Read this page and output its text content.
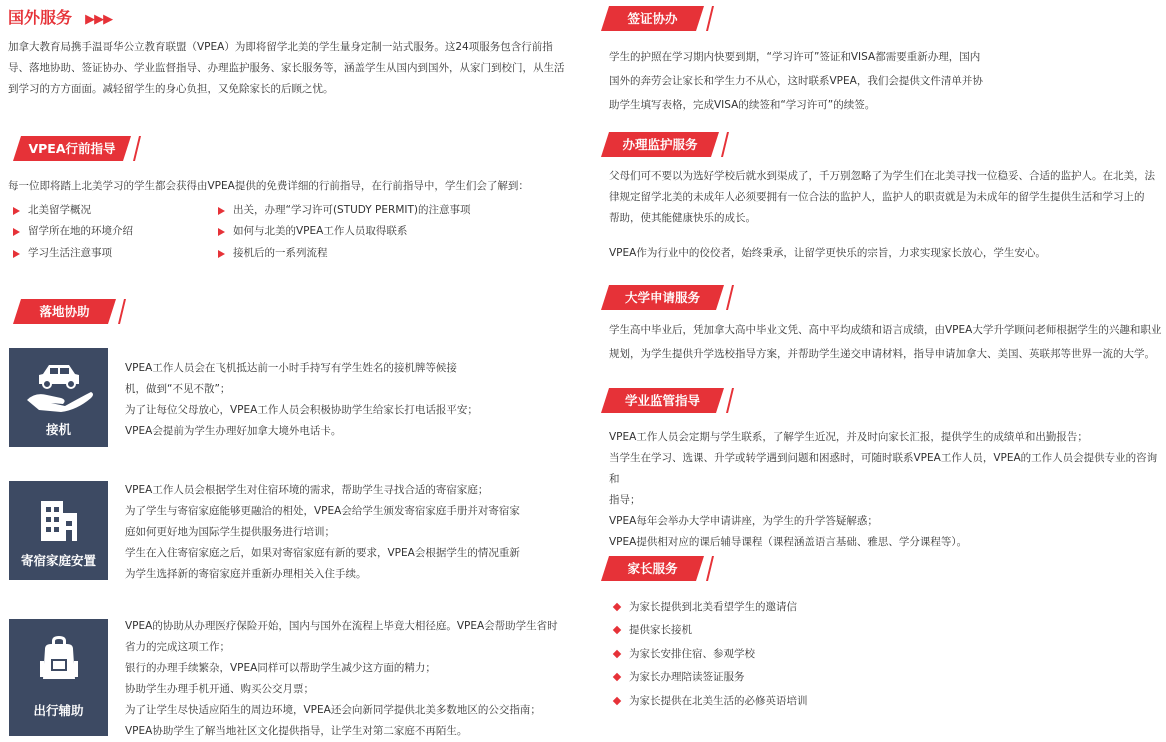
国外服务 ▶▶▶

加拿大教育局携手温哥华公立教育联盟（VPEA）为即将留学北美的学生量身定制一站式服务。这24项服务包含行前指

导、落地协助、签证协办、学业监督指导、办理监护服务、家长服务等，涵盖学生从国内到国外，从家门到校门，从生活

到学习的方方面面。减轻留学生的身心负担，又免除家长的后顾之忧。

VPEA行前指导

每一位即将踏上北美学习的学生都会获得由VPEA提供的免费详细的行前指导，在行前指导中，学生们会了解到：

北美留学概况
留学所在地的环境介绍
学习生活注意事项
出关，办理“学习许可(STUDY PERMIT)的注意事项
如何与北美的VPEA工作人员取得联系
接机后的一系列流程
落地协助
接机

VPEA工作人员会在飞机抵达前一小时手持写有学生姓名的接机牌等候接

机，做到“不见不散”；

为了让每位父母放心，VPEA工作人员会积极协助学生给家长打电话报平安；

VPEA会提前为学生办理好加拿大境外电话卡。

寄宿家庭安置

VPEA工作人员会根据学生对住宿环境的需求，帮助学生寻找合适的寄宿家庭；

为了学生与寄宿家庭能够更融洽的相处，VPEA会给学生颁发寄宿家庭手册并对寄宿家

庭如何更好地为国际学生提供服务进行培训；

学生在入住寄宿家庭之后，如果对寄宿家庭有新的要求，VPEA会根据学生的情况重新

为学生选择新的寄宿家庭并重新办理相关入住手续。

出行辅助

VPEA的协助从办理医疗保险开始，国内与国外在流程上毕竟大相径庭。VPEA会帮助学生省时

省力的完成这项工作；

银行的办理手续繁杂，VPEA同样可以帮助学生减少这方面的精力；

协助学生办理手机开通、购买公交月票；

为了让学生尽快适应陌生的周边环境，VPEA还会向新同学提供北美多数地区的公交指南；

VPEA协助学生了解当地社区文化提供指导，让学生对第二家庭不再陌生。

签证协办

学生的护照在学习期内快要到期，“学习许可”签证和VISA都需要重新办理，国内

国外的奔劳会让家长和学生力不从心，这时联系VPEA，我们会提供文件清单并协

助学生填写表格，完成VISA的续签和“学习许可”的续签。

办理监护服务

父母们可不要以为选好学校后就水到渠成了，千万别忽略了为学生们在北美寻找一位稳妥、合适的监护人。在北美，法

律规定留学北美的未成年人必须要拥有一位合法的监护人，监护人的职责就是为未成年的留学生提供生活和学习上的

帮助，使其能健康快乐的成长。

VPEA作为行业中的佼佼者，始终秉承，让留学更快乐的宗旨，力求实现家长放心，学生安心。

大学申请服务

学生高中毕业后，凭加拿大高中毕业文凭、高中平均成绩和语言成绩，由VPEA大学升学顾问老师根据学生的兴趣和职业

规划，为学生提供升学选校指导方案，并帮助学生递交申请材料，指导申请加拿大、美国、英联邦等世界一流的大学。

学业监管指导

VPEA工作人员会定期与学生联系，了解学生近况，并及时向家长汇报，提供学生的成绩单和出勤报告；

当学生在学习、选课、升学或转学遇到问题和困惑时，可随时联系VPEA工作人员，VPEA的工作人员会提供专业的咨询和

指导；

VPEA每年会举办大学申请讲座，为学生的升学答疑解惑；

VPEA提供相对应的课后辅导课程（课程涵盖语言基础、雅思、学分课程等）。

家长服务
为家长提供到北美看望学生的邀请信
提供家长接机
为家长安排住宿、参观学校
为家长办理陪读签证服务
为家长提供在北美生活的必修英语培训
